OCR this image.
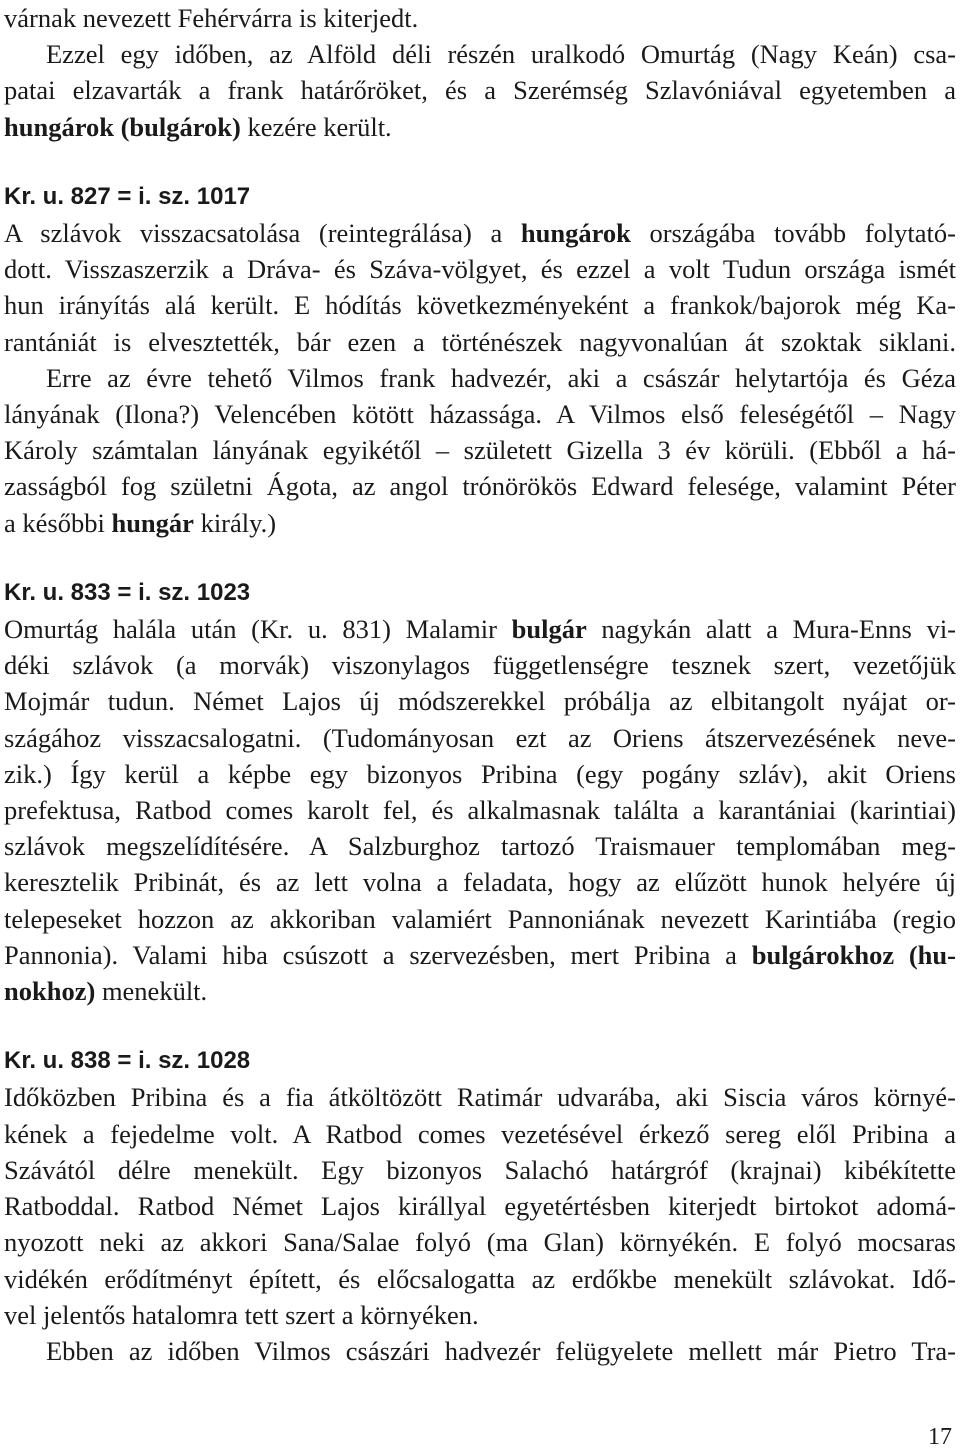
várnak nevezett Fehérvárra is kiterjedt.
Ezzel egy időben, az Alföld déli részén uralkodó Omurtág (Nagy Keán) csa-
patai elzavarták a frank határőröket, és a Szerémség Szlavóniával egyetemben a
hungárok (bulgárok) kezére került.
Kr. u. 827 = i. sz. 1017
A szlávok visszacsatolása (reintegrálása) a hungárok országába tovább folytató-
dott. Visszaszerzik a Dráva- és Száva-völgyet, és ezzel a volt Tudun országa ismét
hun irányítás alá került. E hódítás következményeként a frankok/bajorok még Ka-
rantániát is elvesztették, bár ezen a történészek nagyvonalúan át szoktak siklani.
Erre az évre tehető Vilmos frank hadvezér, aki a császár helytartója és Géza
lányának (Ilona?) Velencében kötött házassága. A Vilmos első feleségétől – Nagy
Károly számtalan lányának egyikétől – született Gizella 3 év körüli. (Ebből a há-
zasságból fog születni Ágota, az angol trónörökös Edward felesége, valamint Péter
a későbbi hungár király.)
Kr. u. 833 = i. sz. 1023
Omurtág halála után (Kr. u. 831) Malamir bulgár nagykán alatt a Mura-Enns vi-
déki szlávok (a morvák) viszonylagos függetlenségre tesznek szert, vezetőjük
Mojmár tudun. Német Lajos új módszerekkel próbálja az elbitangolt nyájat or-
szágához visszacsalogatni. (Tudományosan ezt az Oriens átszervezésének neve-
zik.) Így kerül a képbe egy bizonyos Pribina (egy pogány szláv), akit Oriens
prefektusa, Ratbod comes karolt fel, és alkalmasnak találta a karantániai (karintiai)
szlávok megszelídítésére. A Salzburghoz tartozó Traismauer templomában meg-
keresztelik Pribinát, és az lett volna a feladata, hogy az elűzött hunok helyére új
telepeseket hozzon az akkoriban valamiért Pannoniának nevezett Karintiába (regio
Pannonia). Valami hiba csúszott a szervezésben, mert Pribina a bulgárokhoz (hu-
nokhoz) menekült.
Kr. u. 838 = i. sz. 1028
Időközben Pribina és a fia átköltözött Ratimár udvarába, aki Siscia város környé-
kének a fejedelme volt. A Ratbod comes vezetésével érkező sereg elől Pribina a
Szávától délre menekült. Egy bizonyos Salachó határgróf (krajnai) kibékítette
Ratboddal. Ratbod Német Lajos királlyal egyetértésben kiterjedt birtokot adomá-
nyozott neki az akkori Sana/Salae folyó (ma Glan) környékén. E folyó mocsaras
vidékén erődítményt épített, és előcsalogatta az erdőkbe menekült szlávokat. Idő-
vel jelentős hatalomra tett szert a környéken.
Ebben az időben Vilmos császári hadvezér felügyelete mellett már Pietro Tra-
17
